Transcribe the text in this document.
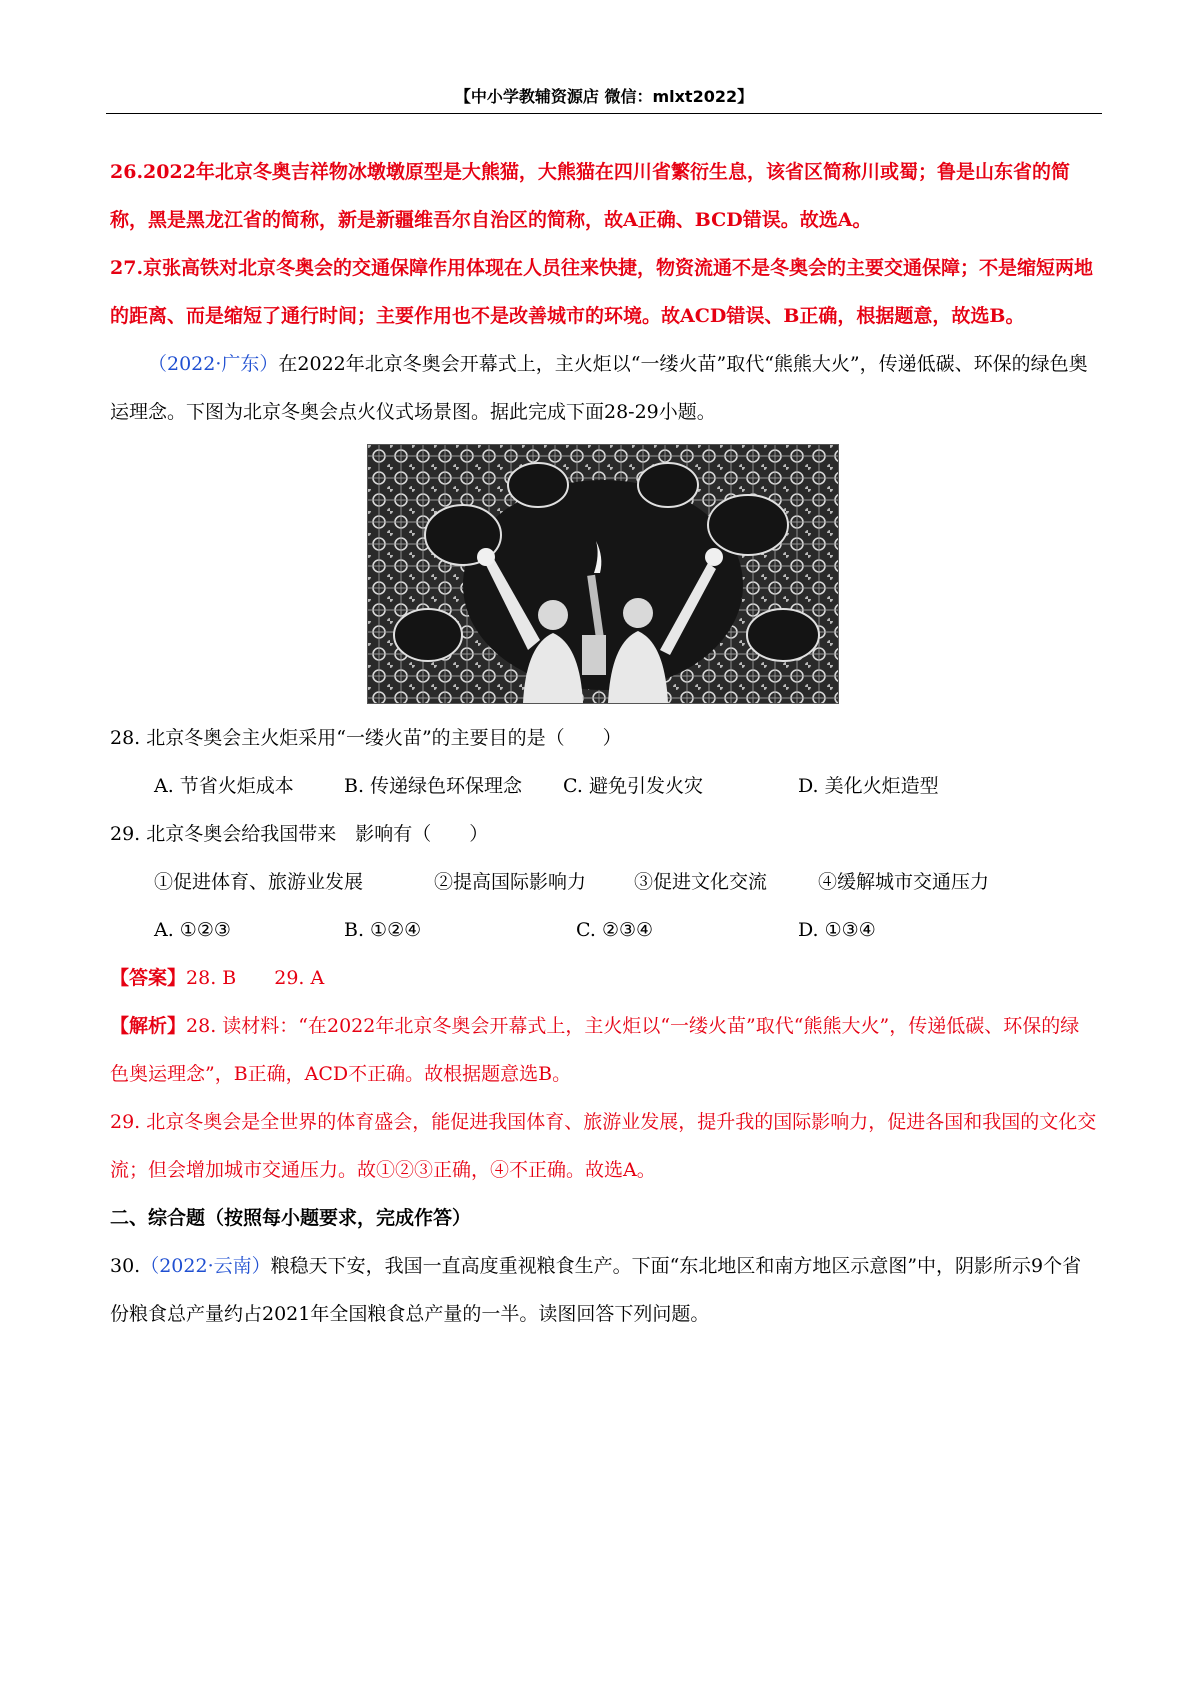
【中小学教辅资源店 微信：mlxt2022】

26.2022年北京冬奥吉祥物冰墩墩原型是大熊猫，大熊猫在四川省繁衍生息，该省区简称川或蜀；鲁是山东省的简称，黑是黑龙江省的简称，新是新疆维吾尔自治区的简称，故A正确、BCD错误。故选A。

27.京张高铁对北京冬奥会的交通保障作用体现在人员往来快捷，物资流通不是冬奥会的主要交通保障；不是缩短两地的距离、而是缩短了通行时间；主要作用也不是改善城市的环境。故ACD错误、B正确，根据题意，故选B。

（2022·广东）在2022年北京冬奥会开幕式上，主火炬以“一缕火苗”取代“熊熊大火”，传递低碳、环保的绿色奥运理念。下图为北京冬奥会点火仪式场景图。据此完成下面28-29小题。

28. 北京冬奥会主火炬采用“一缕火苗”的主要目的是（　　）

A. 节省火炬成本	B. 传递绿色环保理念	C. 避免引发火灾	D. 美化火炬造型

29. 北京冬奥会给我国带来　影响有（　　）

①促进体育、旅游业发展	②提高国际影响力	③促进文化交流	④缓解城市交通压力
A. ①②③	B. ①②④	C. ②③④	D. ①③④

【答案】28. B　　29. A

【解析】28. 读材料：“在2022年北京冬奥会开幕式上，主火炬以“一缕火苗”取代“熊熊大火”，传递低碳、环保的绿色奥运理念”，B正确，ACD不正确。故根据题意选B。

29. 北京冬奥会是全世界的体育盛会，能促进我国体育、旅游业发展，提升我的国际影响力，促进各国和我国的文化交流；但会增加城市交通压力。故①②③正确，④不正确。故选A。

二、综合题（按照每小题要求，完成作答）

30.（2022·云南）粮稳天下安，我国一直高度重视粮食生产。下面“东北地区和南方地区示意图”中，阴影所示9个省份粮食总产量约占2021年全国粮食总产量的一半。读图回答下列问题。
